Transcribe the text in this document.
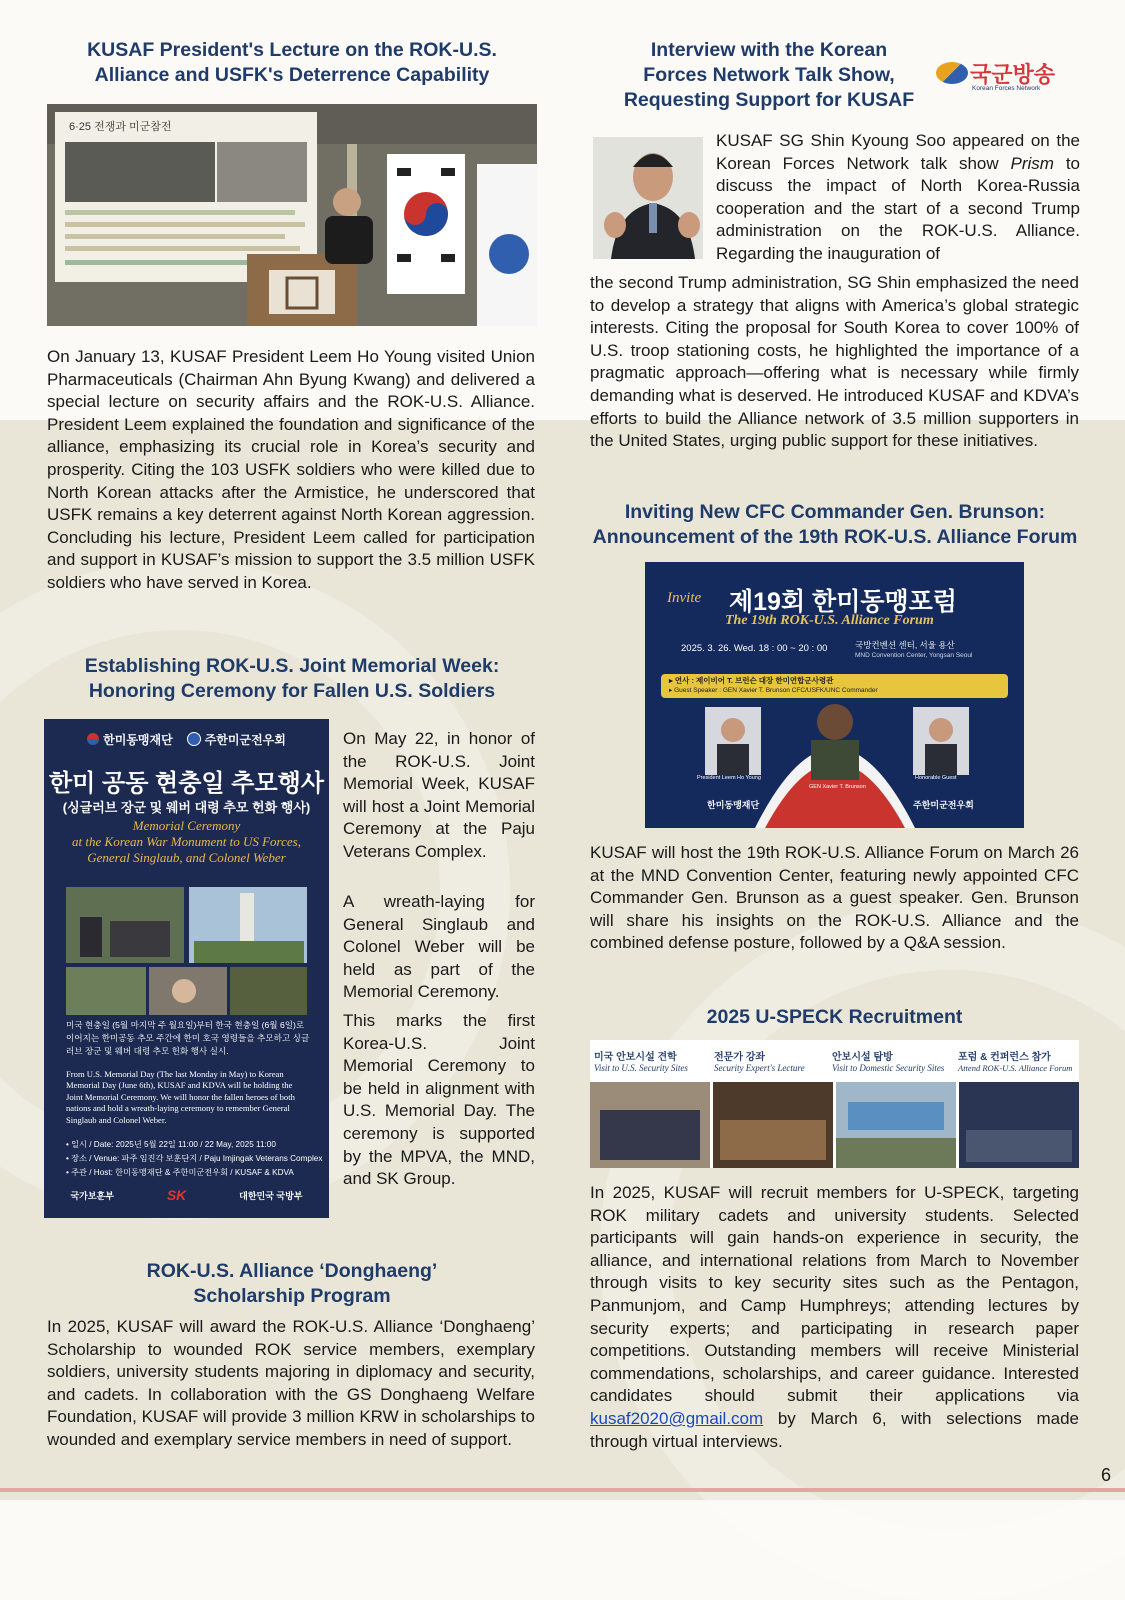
KUSAF President's Lecture on the ROK-U.S.
Alliance and USFK's Deterrence Capability
6·25 전쟁과 미군참전

On January 13, KUSAF President Leem Ho Young visited Union Pharmaceuticals (Chairman Ahn Byung Kwang) and delivered a special lecture on security affairs and the ROK-U.S. Alliance. President Leem explained the foundation and significance of the alliance, emphasizing its crucial role in Korea’s security and prosperity. Citing the 103 USFK soldiers who were killed due to North Korean attacks after the Armistice, he underscored that USFK remains a key deterrent against North Korean aggression. Concluding his lecture, President Leem called for participation and support in KUSAF’s mission to support the 3.5 million USFK soldiers who have served in Korea.

Establishing ROK-U.S. Joint Memorial Week:
Honoring Ceremony for Fallen U.S. Soldiers
한미동맹재단	주한미군전우회
한미 공동 현충일 추모행사
(싱글러브 장군 및 웨버 대령 추모 헌화 행사)
Memorial Ceremony
at the Korean War Monument to US Forces,
General Singlaub, and Colonel Weber
미국 현충일 (5월 마지막 주 월요일)부터 한국 현충일 (6월 6일)로 이어지는 한미공동 추모 주간에 한미 호국 영령들을 추모하고 싱글러브 장군 및 웨버 대령 추모 헌화 행사 실시.
From U.S. Memorial Day (The last Monday in May) to Korean Memorial Day (June 6th), KUSAF and KDVA will be holding the Joint Memorial Ceremony. We will honor the fallen heroes of both nations and hold a wreath-laying ceremony to remember General Singlaub and Colonel Weber.
• 일시 / Date: 2025년 5월 22일 11:00 / 22 May, 2025 11:00
• 장소 / Venue: 파주 임진각 보훈단지 / Paju Imjingak Veterans Complex
• 주관 / Host: 한미동맹재단 & 주한미군전우회 / KUSAF & KDVA
국가보훈부	SK	대한민국 국방부

On May 22, in honor of the ROK-U.S. Joint Memorial Week, KUSAF will host a Joint Memorial Ceremony at the Paju Veterans Complex.

A wreath-laying for General Singlaub and Colonel Weber will be held as part of the Memorial Ceremony.

This marks the first Korea-U.S. Joint Memorial Ceremony to be held in alignment with U.S. Memorial Day. The ceremony is supported by the MPVA, the MND, and SK Group.

ROK-U.S. Alliance ‘Donghaeng’
Scholarship Program

In 2025, KUSAF will award the ROK-U.S. Alliance ‘Donghaeng’ Scholarship to wounded ROK service members, exemplary soldiers, university students majoring in diplomacy and security, and cadets. In collaboration with the GS Donghaeng Welfare Foundation, KUSAF will provide 3 million KRW in scholarships to wounded and exemplary service members in need of support.

Interview with the Korean
Forces Network Talk Show,
Requesting Support for KUSAF
국군방송
Korean Forces Network

KUSAF SG Shin Kyoung Soo appeared on the Korean Forces Network talk show Prism to discuss the impact of North Korea-Russia cooperation and the start of a second Trump administration on the ROK-U.S. Alliance. Regarding the inauguration of

the second Trump administration, SG Shin emphasized the need to develop a strategy that aligns with America’s global strategic interests. Citing the proposal for South Korea to cover 100% of U.S. troop stationing costs, he highlighted the importance of a pragmatic approach—offering what is necessary while firmly demanding what is deserved. He introduced KUSAF and KDVA’s efforts to build the Alliance network of 3.5 million supporters in the United States, urging public support for these initiatives.

Inviting New CFC Commander Gen. Brunson:
Announcement of the 19th ROK-U.S. Alliance Forum
Invite 제19회 한미동맹포럼
The 19th ROK-U.S. Alliance Forum
2025. 3. 26. Wed. 18 : 00 ~ 20 : 00	국방컨벤션 센터, 서울 용산
MND Convention Center, Yongsan Seoul
▸ 연사 : 제이비어 T. 브런슨 대장 한미연합군사령관
▸ Guest Speaker : GEN Xavier T. Brunson CFC/USFK/UNC Commander
President Leem Ho Young
GEN Xavier T. Brunson
Honorable Guest
한미동맹재단	주한미군전우회

KUSAF will host the 19th ROK-U.S. Alliance Forum on March 26 at the MND Convention Center, featuring newly appointed CFC Commander Gen. Brunson as a guest speaker. Gen. Brunson will share his insights on the ROK-U.S. Alliance and the combined defense posture, followed by a Q&A session.

2025 U-SPECK Recruitment
미국 안보시설 견학
Visit to U.S. Security Sites
전문가 강좌
Security Expert's Lecture
안보시설 탐방
Visit to Domestic Security Sites
포럼 & 컨퍼런스 참가
Attend ROK-U.S. Alliance Forum

In 2025, KUSAF will recruit members for U-SPECK, targeting ROK military cadets and university students. Selected participants will gain hands-on experience in security, the alliance, and international relations from March to November through visits to key security sites such as the Pentagon, Panmunjom, and Camp Humphreys; attending lectures by security experts; and participating in research paper competitions. Outstanding members will receive Ministerial commendations, scholarships, and career guidance. Interested candidates should submit their applications via kusaf2020@gmail.com by March 6, with selections made through virtual interviews.

6
